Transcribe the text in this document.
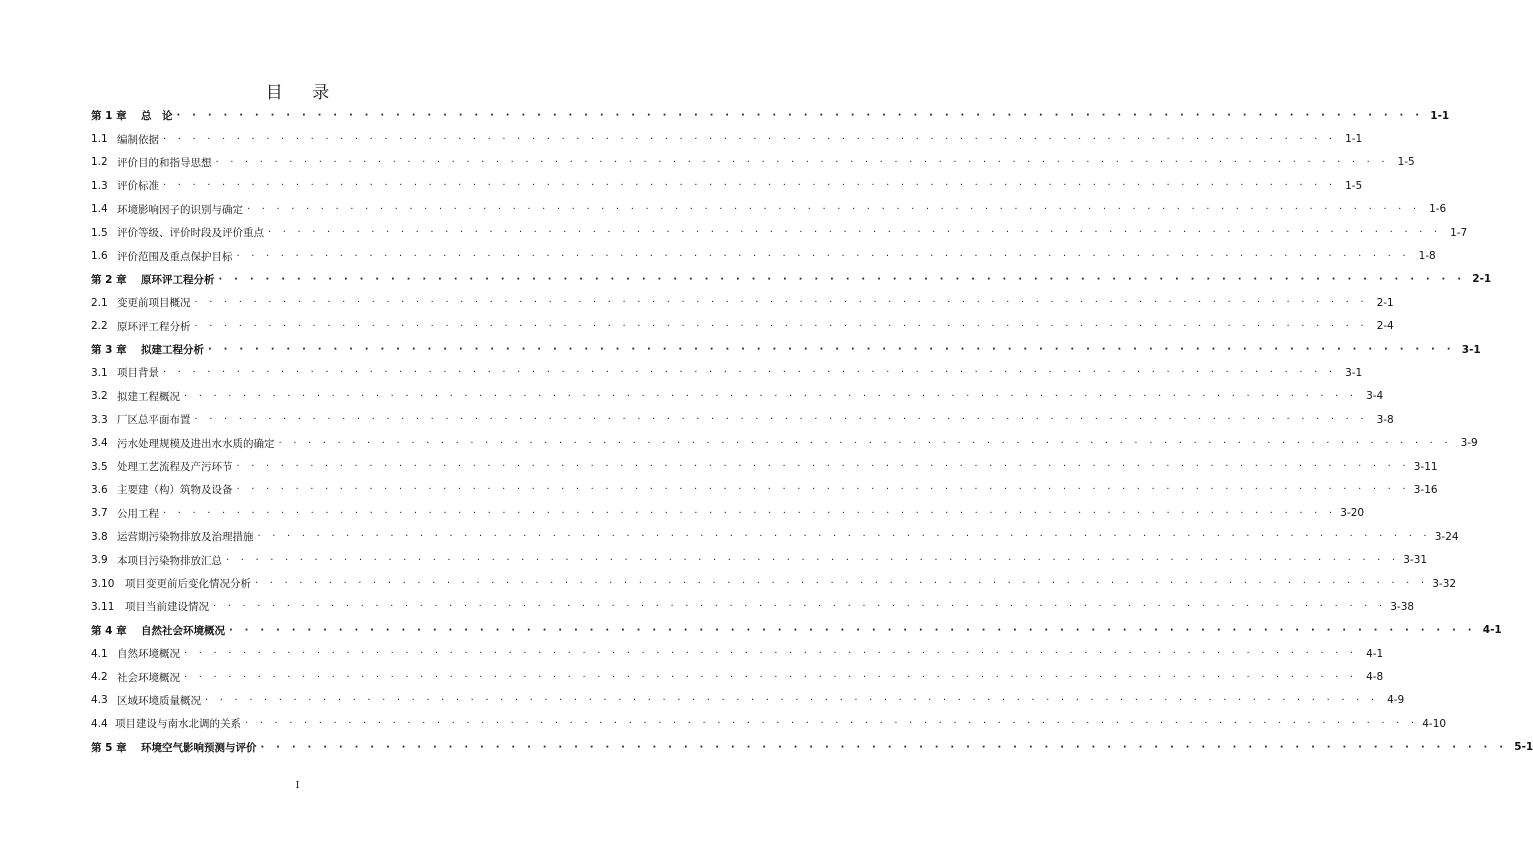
目 录
第 1 章	总　论 · · · · · · · · · · · · · · · · · · · · · · · · · · · · · · · · · · · · · · · · · · · · · · · · · · · · · · · · · · · · · · · · · · · · · · · · · · · · · · · · 1-1
1.1 编制依据 · · · · · · · · · · · · · · · · · · · · · · · · · · · · · · · · · · · · · · · · · · · · · · · · · · · · · · · · · · · · · · · · · · · · · · · · · · · · · · · · 1-1
1.2 评价目的和指导思想 · · · · · · · · · · · · · · · · · · · · · · · · · · · · · · · · · · · · · · · · · · · · · · · · · · · · · · · · · · · · · · · · · · · · · · · · · · · · · · · · 1-5
1.3 评价标准 · · · · · · · · · · · · · · · · · · · · · · · · · · · · · · · · · · · · · · · · · · · · · · · · · · · · · · · · · · · · · · · · · · · · · · · · · · · · · · · · 1-5
1.4 环境影响因子的识别与确定 · · · · · · · · · · · · · · · · · · · · · · · · · · · · · · · · · · · · · · · · · · · · · · · · · · · · · · · · · · · · · · · · · · · · · · · · · · · · · · · · 1-6
1.5 评价等级、评价时段及评价重点 · · · · · · · · · · · · · · · · · · · · · · · · · · · · · · · · · · · · · · · · · · · · · · · · · · · · · · · · · · · · · · · · · · · · · · · · · · · · · · · · 1-7
1.6 评价范围及重点保护目标 · · · · · · · · · · · · · · · · · · · · · · · · · · · · · · · · · · · · · · · · · · · · · · · · · · · · · · · · · · · · · · · · · · · · · · · · · · · · · · · · 1-8
第 2 章	原环评工程分析 · · · · · · · · · · · · · · · · · · · · · · · · · · · · · · · · · · · · · · · · · · · · · · · · · · · · · · · · · · · · · · · · · · · · · · · · · · · · · · · · 2-1
2.1 变更前项目概况 · · · · · · · · · · · · · · · · · · · · · · · · · · · · · · · · · · · · · · · · · · · · · · · · · · · · · · · · · · · · · · · · · · · · · · · · · · · · · · · · 2-1
2.2 原环评工程分析 · · · · · · · · · · · · · · · · · · · · · · · · · · · · · · · · · · · · · · · · · · · · · · · · · · · · · · · · · · · · · · · · · · · · · · · · · · · · · · · · 2-4
第 3 章	拟建工程分析 · · · · · · · · · · · · · · · · · · · · · · · · · · · · · · · · · · · · · · · · · · · · · · · · · · · · · · · · · · · · · · · · · · · · · · · · · · · · · · · · 3-1
3.1 项目背景 · · · · · · · · · · · · · · · · · · · · · · · · · · · · · · · · · · · · · · · · · · · · · · · · · · · · · · · · · · · · · · · · · · · · · · · · · · · · · · · · 3-1
3.2 拟建工程概况 · · · · · · · · · · · · · · · · · · · · · · · · · · · · · · · · · · · · · · · · · · · · · · · · · · · · · · · · · · · · · · · · · · · · · · · · · · · · · · · · 3-4
3.3 厂区总平面布置 · · · · · · · · · · · · · · · · · · · · · · · · · · · · · · · · · · · · · · · · · · · · · · · · · · · · · · · · · · · · · · · · · · · · · · · · · · · · · · · · 3-8
3.4 污水处理规模及进出水水质的确定 · · · · · · · · · · · · · · · · · · · · · · · · · · · · · · · · · · · · · · · · · · · · · · · · · · · · · · · · · · · · · · · · · · · · · · · · · · · · · · · · 3-9
3.5 处理工艺流程及产污环节 · · · · · · · · · · · · · · · · · · · · · · · · · · · · · · · · · · · · · · · · · · · · · · · · · · · · · · · · · · · · · · · · · · · · · · · · · · · · · · · · 3-11
3.6 主要建（构）筑物及设备 · · · · · · · · · · · · · · · · · · · · · · · · · · · · · · · · · · · · · · · · · · · · · · · · · · · · · · · · · · · · · · · · · · · · · · · · · · · · · · · · 3-16
3.7 公用工程 · · · · · · · · · · · · · · · · · · · · · · · · · · · · · · · · · · · · · · · · · · · · · · · · · · · · · · · · · · · · · · · · · · · · · · · · · · · · · · · · 3-20
3.8 运营期污染物排放及治理措施 · · · · · · · · · · · · · · · · · · · · · · · · · · · · · · · · · · · · · · · · · · · · · · · · · · · · · · · · · · · · · · · · · · · · · · · · · · · · · · · · 3-24
3.9 本项目污染物排放汇总 · · · · · · · · · · · · · · · · · · · · · · · · · · · · · · · · · · · · · · · · · · · · · · · · · · · · · · · · · · · · · · · · · · · · · · · · · · · · · · · · 3-31
3.10	项目变更前后变化情况分析 · · · · · · · · · · · · · · · · · · · · · · · · · · · · · · · · · · · · · · · · · · · · · · · · · · · · · · · · · · · · · · · · · · · · · · · · · · · · · · · · 3-32
3.11	项目当前建设情况 · · · · · · · · · · · · · · · · · · · · · · · · · · · · · · · · · · · · · · · · · · · · · · · · · · · · · · · · · · · · · · · · · · · · · · · · · · · · · · · · 3-38
第 4 章	自然社会环境概况 · · · · · · · · · · · · · · · · · · · · · · · · · · · · · · · · · · · · · · · · · · · · · · · · · · · · · · · · · · · · · · · · · · · · · · · · · · · · · · · · 4-1
4.1 自然环境概况 · · · · · · · · · · · · · · · · · · · · · · · · · · · · · · · · · · · · · · · · · · · · · · · · · · · · · · · · · · · · · · · · · · · · · · · · · · · · · · · · 4-1
4.2 社会环境概况 · · · · · · · · · · · · · · · · · · · · · · · · · · · · · · · · · · · · · · · · · · · · · · · · · · · · · · · · · · · · · · · · · · · · · · · · · · · · · · · · 4-8
4.3 区域环境质量概况 · · · · · · · · · · · · · · · · · · · · · · · · · · · · · · · · · · · · · · · · · · · · · · · · · · · · · · · · · · · · · · · · · · · · · · · · · · · · · · · · 4-9
4.4 项目建设与南水北调的关系 · · · · · · · · · · · · · · · · · · · · · · · · · · · · · · · · · · · · · · · · · · · · · · · · · · · · · · · · · · · · · · · · · · · · · · · · · · · · · · · · 4-10
第 5 章	环境空气影响预测与评价 · · · · · · · · · · · · · · · · · · · · · · · · · · · · · · · · · · · · · · · · · · · · · · · · · · · · · · · · · · · · · · · · · · · · · · · · · · · · · · · · 5-1
I
